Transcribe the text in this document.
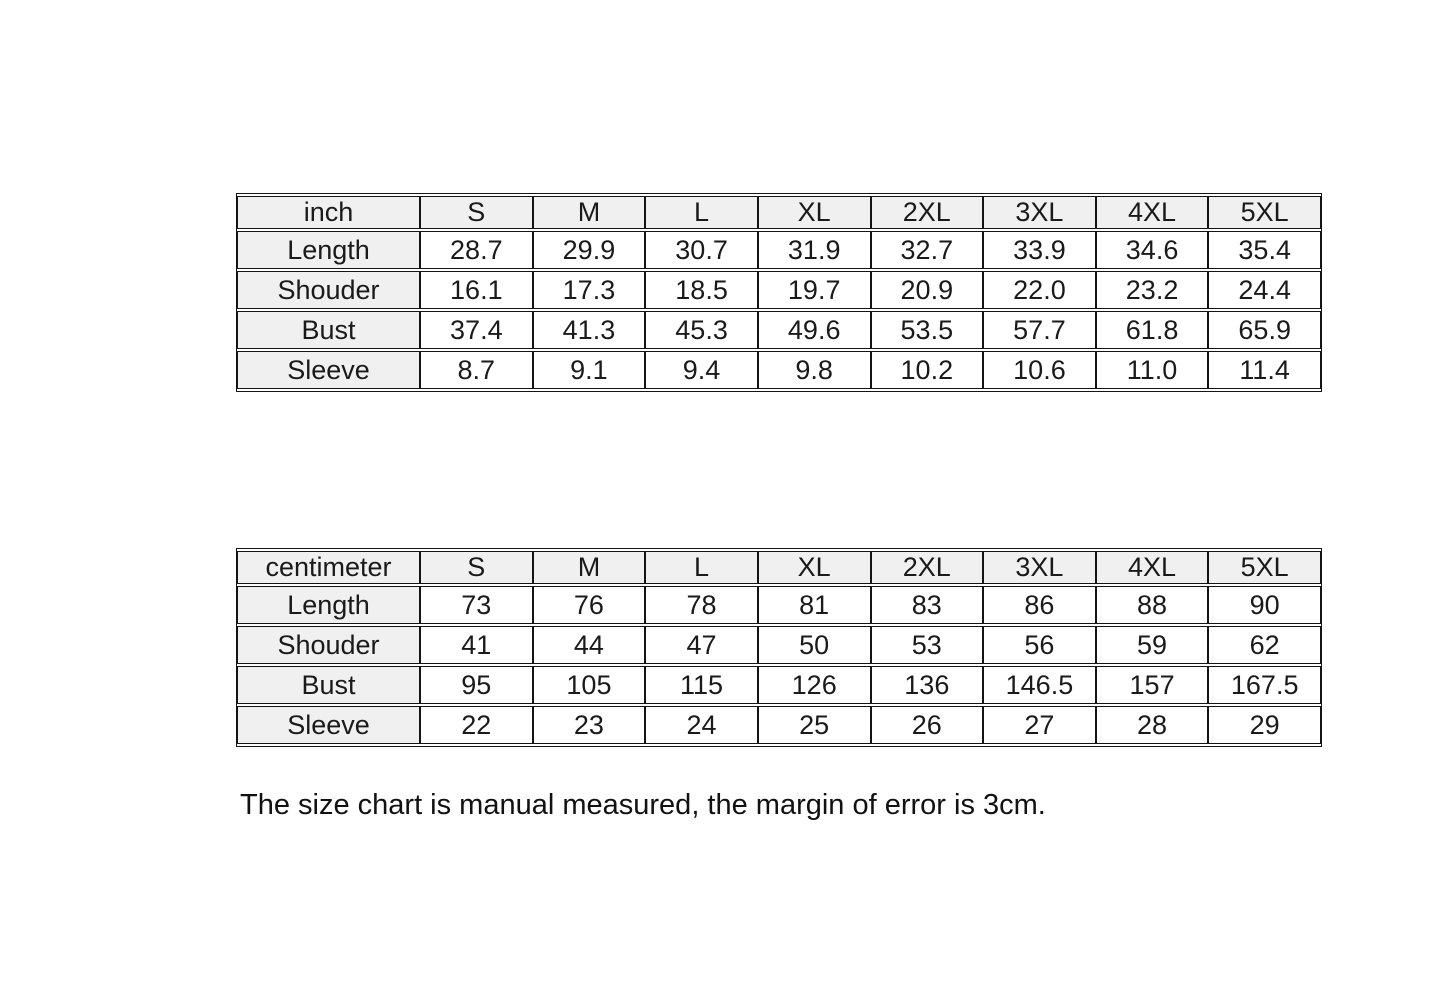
inch	S	M	L	XL	2XL	3XL	4XL	5XL
Length	28.7	29.9	30.7	31.9	32.7	33.9	34.6	35.4
Shouder	16.1	17.3	18.5	19.7	20.9	22.0	23.2	24.4
Bust	37.4	41.3	45.3	49.6	53.5	57.7	61.8	65.9
Sleeve	8.7	9.1	9.4	9.8	10.2	10.6	11.0	11.4
centimeter	S	M	L	XL	2XL	3XL	4XL	5XL
Length	73	76	78	81	83	86	88	90
Shouder	41	44	47	50	53	56	59	62
Bust	95	105	115	126	136	146.5	157	167.5
Sleeve	22	23	24	25	26	27	28	29

The size chart is manual measured, the margin of error is 3cm.
